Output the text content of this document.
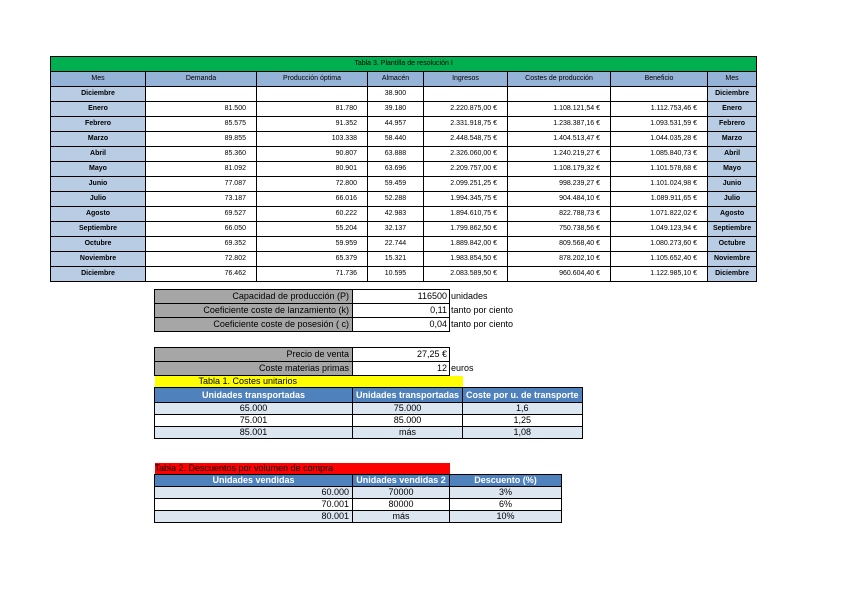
Tabla 3. Plantilla de resolución I							
Mes	Demanda	Producción óptima	Almacén	Ingresos	Costes de producción	Beneficio	Mes
Diciembre			38.900				Diciembre
Enero	81.500	81.780	39.180	2.220.875,00 €	1.108.121,54 €	1.112.753,46 €	Enero
Febrero	85.575	91.352	44.957	2.331.918,75 €	1.238.387,16 €	1.093.531,59 €	Febrero
Marzo	89.855	103.338	58.440	2.448.548,75 €	1.404.513,47 €	1.044.035,28 €	Marzo
Abril	85.360	90.807	63.888	2.326.060,00 €	1.240.219,27 €	1.085.840,73 €	Abril
Mayo	81.092	80.901	63.696	2.209.757,00 €	1.108.179,32 €	1.101.578,68 €	Mayo
Junio	77.087	72.800	59.459	2.099.251,25 €	998.239,27 €	1.101.024,98 €	Junio
Julio	73.187	66.016	52.288	1.994.345,75 €	904.484,10 €	1.089.911,65 €	Julio
Agosto	69.527	60.222	42.983	1.894.610,75 €	822.788,73 €	1.071.822,02 €	Agosto
Septiembre	66.050	55.204	32.137	1.799.862,50 €	750.738,56 €	1.049.123,94 €	Septiembre
Octubre	69.352	59.959	22.744	1.889.842,00 €	809.568,40 €	1.080.273,60 €	Octubre
Noviembre	72.802	65.379	15.321	1.983.854,50 €	878.202,10 €	1.105.652,40 €	Noviembre
Diciembre	76.462	71.736	10.595	2.083.589,50 €	960.604,40 €	1.122.985,10 €	Diciembre
Capacidad de producción (P)	116500	unidades
Coeficiente coste de lanzamiento (k)	0,11	tanto por ciento
Coeficiente coste de posesión ( c)	0,04	tanto por ciento
Precio de venta	27,25 €	
Coste materias primas	12	euros
Tabla 1. Costes unitarios		
Unidades transportadas	Unidades transportadas	Coste por u. de transporte
65.000	75.000	1,6
75.001	85.000	1,25
85.001	más	1,08
Tabla 2. Descuentos por volumen de compra		
Unidades vendidas	Unidades vendidas 2	Descuento (%)
60.000	70000	3%
70.001	80000	6%
80.001	más	10%
